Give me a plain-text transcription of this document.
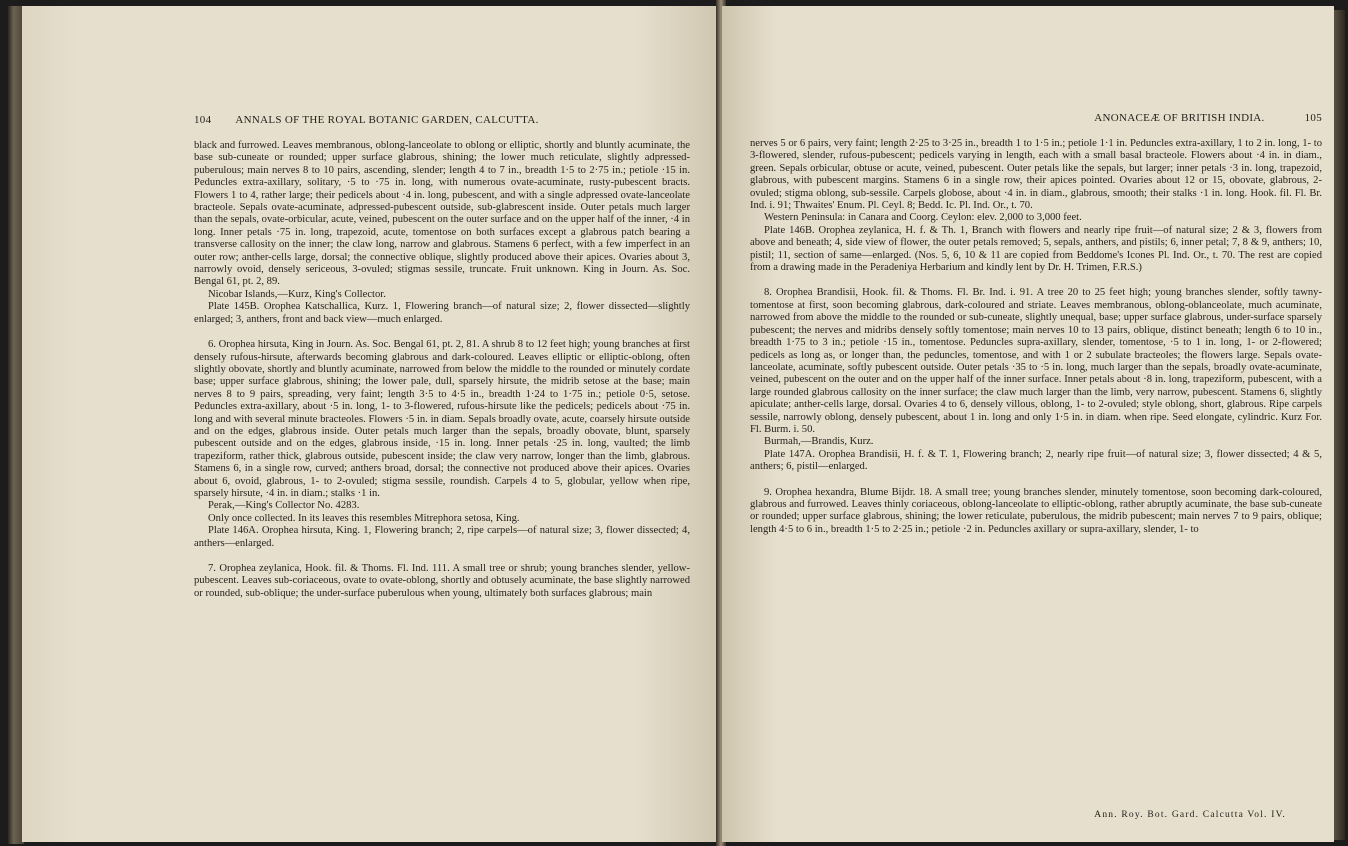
104	ANNALS OF THE ROYAL BOTANIC GARDEN, CALCUTTA.

black and furrowed. Leaves membranous, oblong-lanceolate to oblong or elliptic, shortly and bluntly acuminate, the base sub-cuneate or rounded; upper surface glabrous, shining; the lower much reticulate, slightly adpressed-puberulous; main nerves 8 to 10 pairs, ascending, slender; length 4 to 7 in., breadth 1·5 to 2·75 in.; petiole ·15 in. Peduncles extra-axillary, solitary, ·5 to ·75 in. long, with numerous ovate-acuminate, rusty-pubescent bracts. Flowers 1 to 4, rather large; their pedicels about ·4 in. long, pubescent, and with a single adpressed ovate-lanceolate bracteole. Sepals ovate-acuminate, adpressed-pubescent outside, sub-glabrescent inside. Outer petals much larger than the sepals, ovate-orbicular, acute, veined, pubescent on the outer surface and on the upper half of the inner, ·4 in long. Inner petals ·75 in. long, trapezoid, acute, tomentose on both surfaces except a glabrous patch bearing a transverse callosity on the inner; the claw long, narrow and glabrous. Stamens 6 perfect, with a few imperfect in an outer row; anther-cells large, dorsal; the connective oblique, slightly produced above their apices. Ovaries about 3, narrowly ovoid, densely sericeous, 3-ovuled; stigmas sessile, truncate. Fruit unknown. King in Journ. As. Soc. Bengal 61, pt. 2, 89.

Nicobar Islands,—Kurz, King's Collector.

Plate 145B. Orophea Katschallica, Kurz. 1, Flowering branch—of natural size; 2, flower dissected—slightly enlarged; 3, anthers, front and back view—much enlarged.

6. Orophea hirsuta, King in Journ. As. Soc. Bengal 61, pt. 2, 81. A shrub 8 to 12 feet high; young branches at first densely rufous-hirsute, afterwards becoming glabrous and dark-coloured. Leaves elliptic or elliptic-oblong, often slightly obovate, shortly and bluntly acuminate, narrowed from below the middle to the rounded or minutely cordate base; upper surface glabrous, shining; the lower pale, dull, sparsely hirsute, the midrib setose at the base; main nerves 8 to 9 pairs, spreading, very faint; length 3·5 to 4·5 in., breadth 1·24 to 1·75 in.; petiole 0·5, setose. Peduncles extra-axillary, about ·5 in. long, 1- to 3-flowered, rufous-hirsute like the pedicels; pedicels about ·75 in. long and with several minute bracteoles. Flowers ·5 in. in diam. Sepals broadly ovate, acute, coarsely hirsute outside and on the edges, glabrous inside. Outer petals much larger than the sepals, broadly obovate, blunt, sparsely pubescent outside and on the edges, glabrous inside, ·15 in. long. Inner petals ·25 in. long, vaulted; the limb trapeziform, rather thick, glabrous outside, pubescent inside; the claw very narrow, longer than the limb, glabrous. Stamens 6, in a single row, curved; anthers broad, dorsal; the connective not produced above their apices. Ovaries about 6, ovoid, glabrous, 1- to 2-ovuled; stigma sessile, roundish. Carpels 4 to 5, globular, yellow when ripe, sparsely hirsute, ·4 in. in diam.; stalks ·1 in.

Perak,—King's Collector No. 4283.

Only once collected. In its leaves this resembles Mitrephora setosa, King.

Plate 146A. Orophea hirsuta, King. 1, Flowering branch; 2, ripe carpels—of natural size; 3, flower dissected; 4, anthers—enlarged.

7. Orophea zeylanica, Hook. fil. & Thoms. Fl. Ind. 111. A small tree or shrub; young branches slender, yellow-pubescent. Leaves sub-coriaceous, ovate to ovate-oblong, shortly and obtusely acuminate, the base slightly narrowed or rounded, sub-oblique; the under-surface puberulous when young, ultimately both surfaces glabrous; main

ANONACEÆ OF BRITISH INDIA.	105

nerves 5 or 6 pairs, very faint; length 2·25 to 3·25 in., breadth 1 to 1·5 in.; petiole 1·1 in. Peduncles extra-axillary, 1 to 2 in. long, 1- to 3-flowered, slender, rufous-pubescent; pedicels varying in length, each with a small basal bracteole. Flowers about ·4 in. in diam., green. Sepals orbicular, obtuse or acute, veined, pubescent. Outer petals like the sepals, but larger; inner petals ·3 in. long, trapezoid, glabrous, with pubescent margins. Stamens 6 in a single row, their apices pointed. Ovaries about 12 or 15, obovate, glabrous, 2-ovuled; stigma oblong, sub-sessile. Carpels globose, about ·4 in. in diam., glabrous, smooth; their stalks ·1 in. long. Hook. fil. Fl. Br. Ind. i. 91; Thwaites' Enum. Pl. Ceyl. 8; Bedd. Ic. Pl. Ind. Or., t. 70.

Western Peninsula: in Canara and Coorg. Ceylon: elev. 2,000 to 3,000 feet.

Plate 146B. Orophea zeylanica, H. f. & Th. 1, Branch with flowers and nearly ripe fruit—of natural size; 2 & 3, flowers from above and beneath; 4, side view of flower, the outer petals removed; 5, sepals, anthers, and pistils; 6, inner petal; 7, 8 & 9, anthers; 10, pistil; 11, section of same—enlarged. (Nos. 5, 6, 10 & 11 are copied from Beddome's Icones Pl. Ind. Or., t. 70. The rest are copied from a drawing made in the Peradeniya Herbarium and kindly lent by Dr. H. Trimen, F.R.S.)

8. Orophea Brandisii, Hook. fil. & Thoms. Fl. Br. Ind. i. 91. A tree 20 to 25 feet high; young branches slender, softly tawny-tomentose at first, soon becoming glabrous, dark-coloured and striate. Leaves membranous, oblong-oblanceolate, much acuminate, narrowed from above the middle to the rounded or sub-cuneate, slightly unequal, base; upper surface glabrous, under-surface sparsely pubescent; the nerves and midribs densely softly tomentose; main nerves 10 to 13 pairs, oblique, distinct beneath; length 6 to 10 in., breadth 1·75 to 3 in.; petiole ·15 in., tomentose. Peduncles supra-axillary, slender, tomentose, ·5 to 1 in. long, 1- or 2-flowered; pedicels as long as, or longer than, the peduncles, tomentose, and with 1 or 2 subulate bracteoles; the flowers large. Sepals ovate-lanceolate, acuminate, softly pubescent outside. Outer petals ·35 to ·5 in. long, much larger than the sepals, broadly ovate-acuminate, veined, pubescent on the outer and on the upper half of the inner surface. Inner petals about ·8 in. long, trapeziform, pubescent, with a large rounded glabrous callosity on the inner surface; the claw much larger than the limb, very narrow, pubescent. Stamens 6, slightly apiculate; anther-cells large, dorsal. Ovaries 4 to 6, densely villous, oblong, 1- to 2-ovuled; style oblong, short, glabrous. Ripe carpels sessile, narrowly oblong, densely pubescent, about 1 in. long and only 1·5 in. in diam. when ripe. Seed elongate, cylindric. Kurz For. Fl. Burm. i. 50.

Burmah,—Brandis, Kurz.

Plate 147A. Orophea Brandisii, H. f. & T. 1, Flowering branch; 2, nearly ripe fruit—of natural size; 3, flower dissected; 4 & 5, anthers; 6, pistil—enlarged.

9. Orophea hexandra, Blume Bijdr. 18. A small tree; young branches slender, minutely tomentose, soon becoming dark-coloured, glabrous and furrowed. Leaves thinly coriaceous, oblong-lanceolate to elliptic-oblong, rather abruptly acuminate, the base sub-cuneate or rounded; upper surface glabrous, shining; the lower reticulate, puberulous, the midrib pubescent; main nerves 7 to 9 pairs, oblique; length 4·5 to 6 in., breadth 1·5 to 2·25 in.; petiole ·2 in. Peduncles axillary or supra-axillary, slender, 1- to

Ann. Roy. Bot. Gard. Calcutta Vol. IV.
